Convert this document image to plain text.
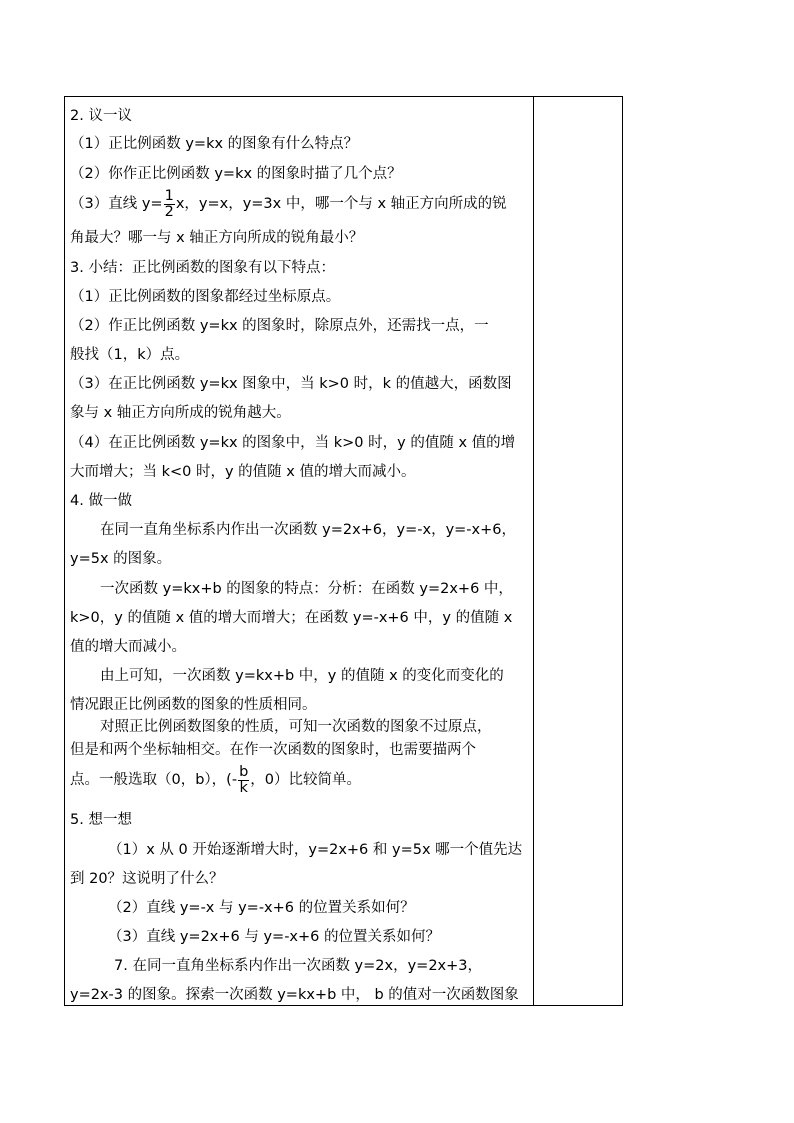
2. 议一议
（1）正比例函数 y=kx 的图象有什么特点？
（2）你作正比例函数 y=kx 的图象时描了几个点？
（3）直线 $y= \frac{1}{2}$ x，y=x，y=3x 中，哪一个与 x 轴正方向所成的锐
角最大？哪一与 x 轴正方向所成的锐角最小？
3. 小结：正比例函数的图象有以下特点：
（1）正比例函数的图象都经过坐标原点。
（2）作正比例函数 y=kx 的图象时，除原点外，还需找一点，一
般找（1，k）点。
（3）在正比例函数 y=kx 图象中，当 k>0 时，k 的值越大，函数图
象与 x 轴正方向所成的锐角越大。
（4）在正比例函数 y=kx 的图象中，当 k>0 时，y 的值随 x 值的增
大而增大；当 k<0 时，y 的值随 x 值的增大而减小。
4. 做一做
在同一直角坐标系内作出一次函数 y=2x+6，y=-x，y=-x+6，
y=5x 的图象。
一次函数 y=kx+b 的图象的特点：分析：在函数 y=2x+6 中，
k>0，y 的值随 x 值的增大而增大；在函数 y=-x+6 中，y 的值随 x
值的增大而减小。
由上可知，一次函数 y=kx+b 中，y 的值随 x 的变化而变化的
情况跟正比例函数的图象的性质相同。
对照正比例函数图象的性质，可知一次函数的图象不过原点，
但是和两个坐标轴相交。在作一次函数的图象时，也需要描两个
点。一般选取（0，b），(- $\frac{b}{k}$ ，0）比较简单。
5. 想一想
（1）x 从 0 开始逐渐增大时，y=2x+6 和 y=5x 哪一个值先达
到 20？这说明了什么？
（2）直线 y=-x 与 y=-x+6 的位置关系如何？
（3）直线 y=2x+6 与 y=-x+6 的位置关系如何？
7. 在同一直角坐标系内作出一次函数 y=2x，y=2x+3，
y=2x-3 的图象。探索一次函数 y=kx+b 中， b 的值对一次函数图象
